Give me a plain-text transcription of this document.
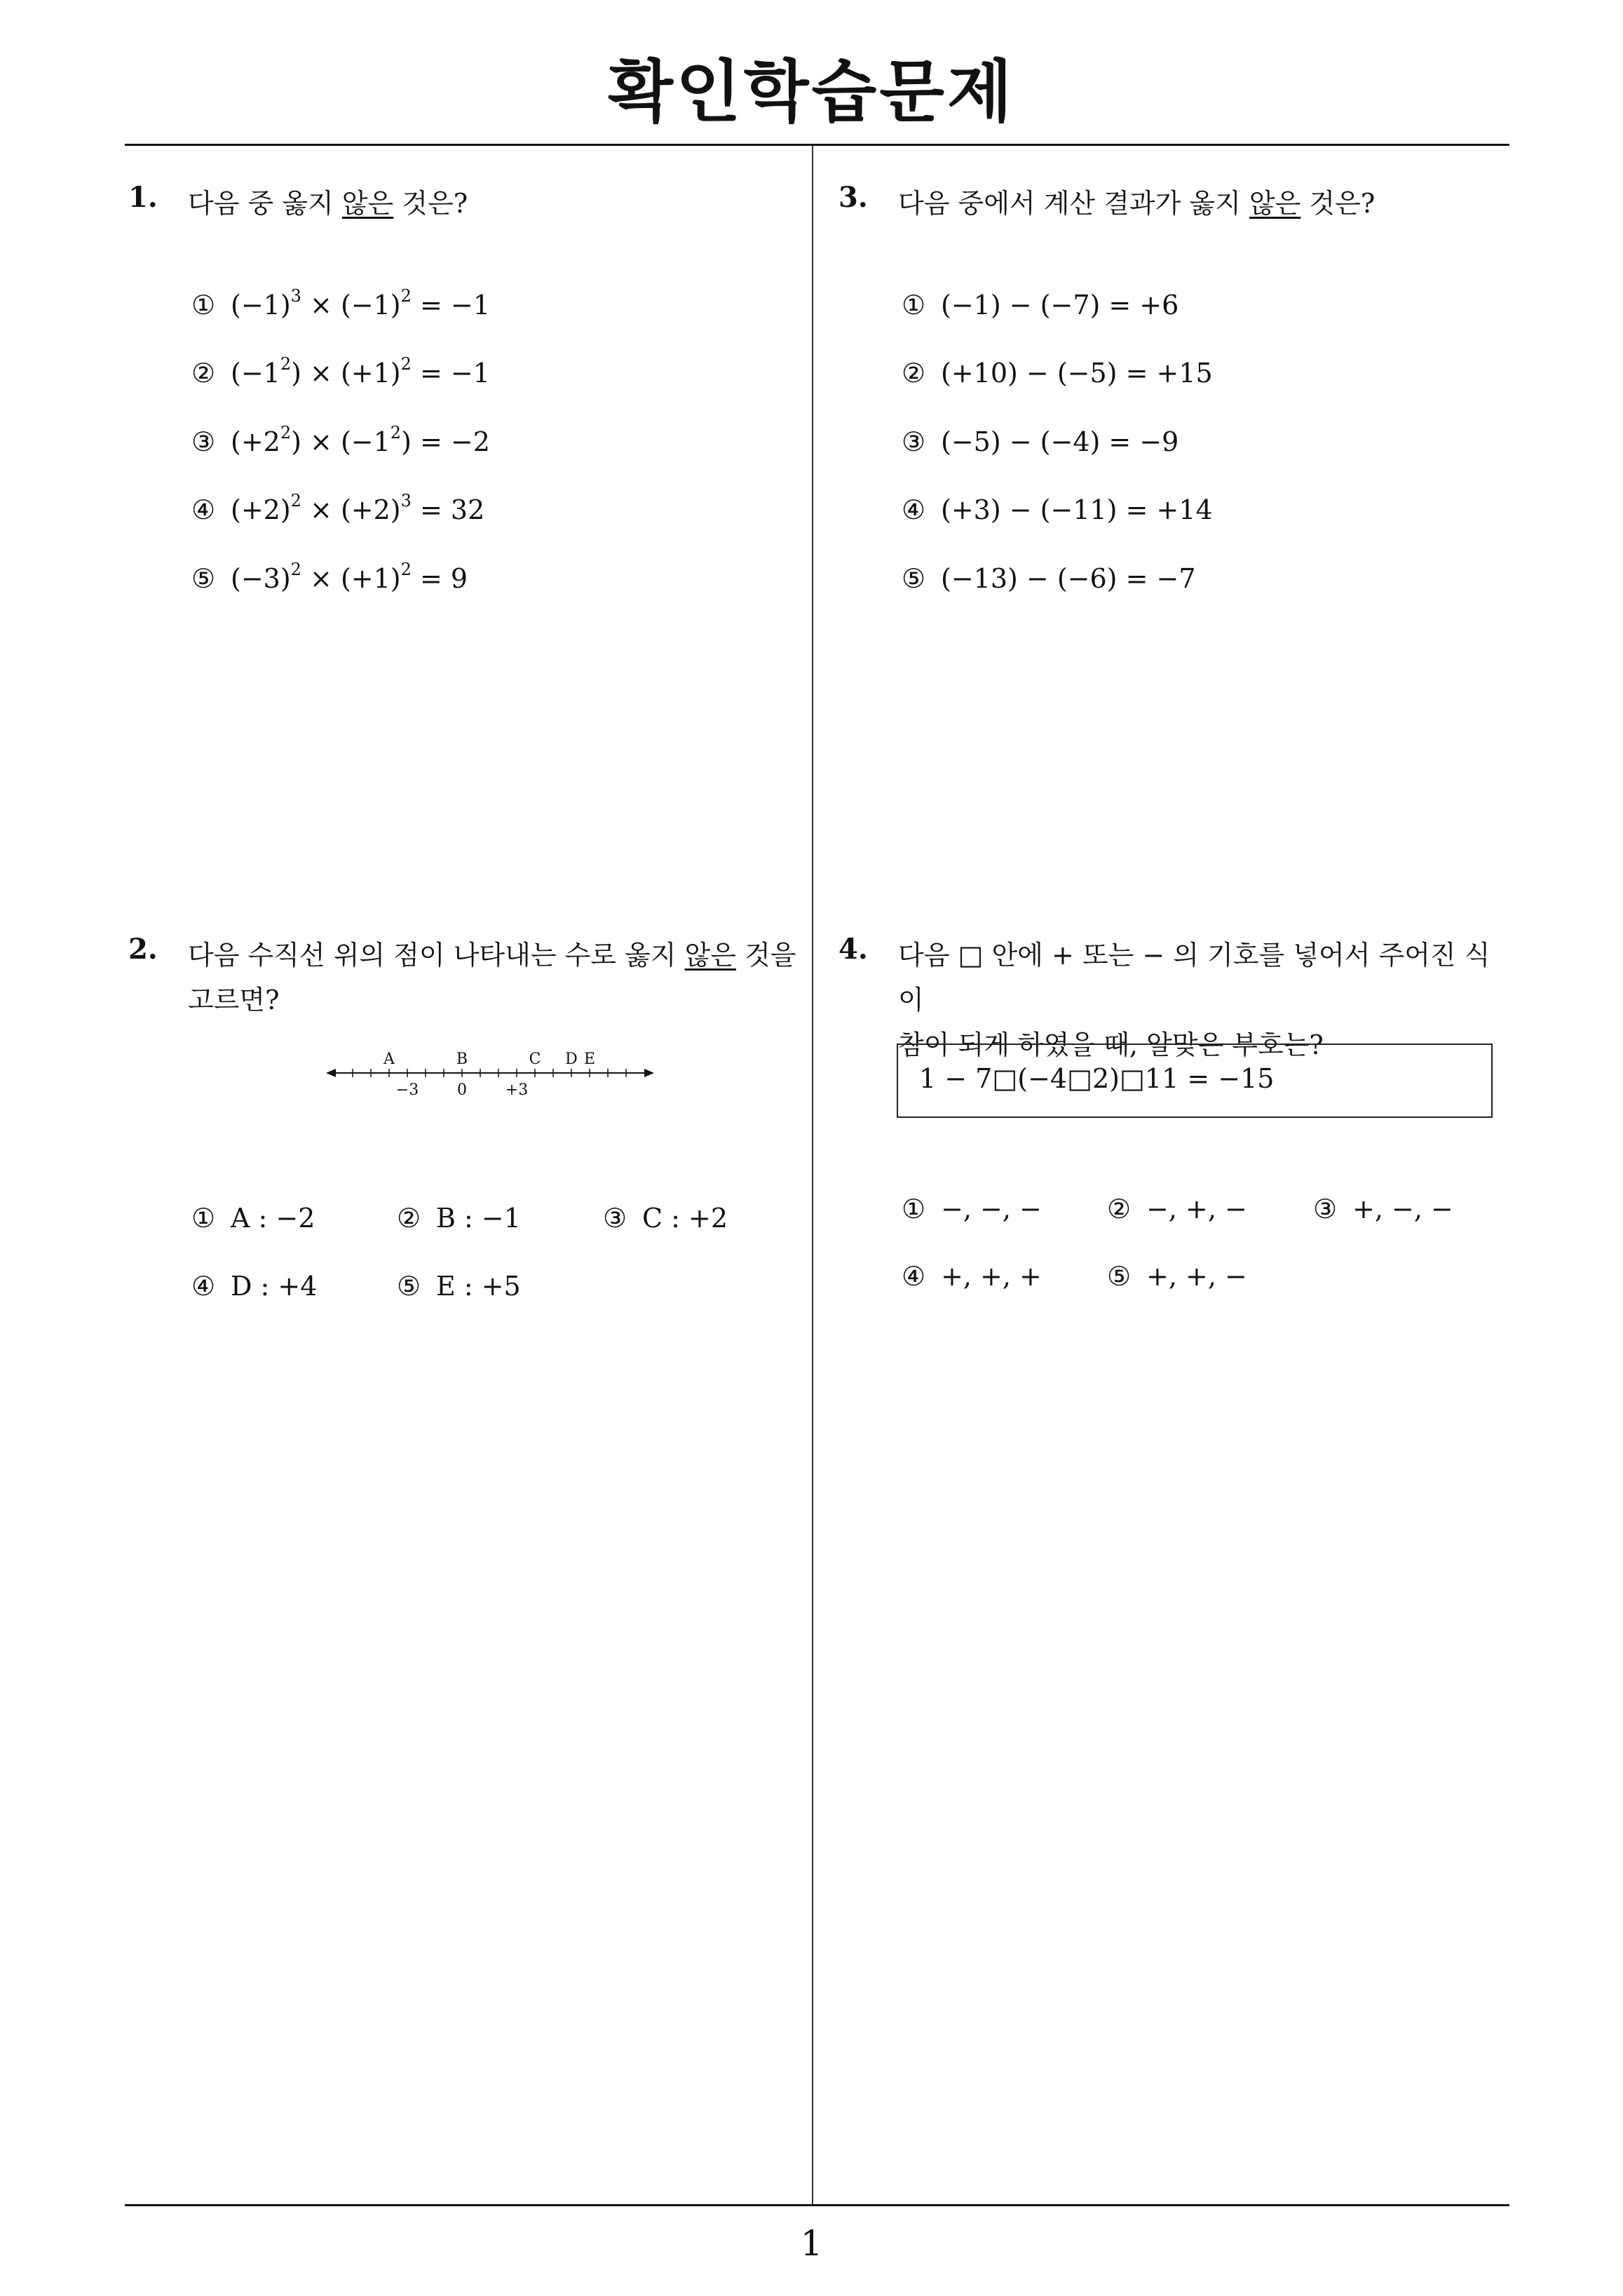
확인학습문제
1
1. 다음 중 옳지 않은 것은?
① $(-1)^3 \times (-1)^2 = -1$
② $(-1^2) \times (+1)^2 = -1$
③ $(+2^2) \times (-1^2) = -2$
④ $(+2)^2 \times (+2)^3 = 32$
⑤ $(-3)^2 \times (+1)^2 = 9$
2. 다음 수직선 위의 점이 나타내는 수로 옳지 않은 것을
고르면?
A	B	C D E
−3 0 +3
① A : −2	② B : −1	③ C : +2
④ D : +4	⑤ E : +5
3. 다음 중에서 계산 결과가 옳지 않은 것은?
① (−1) − (−7) = +6
② (+10) − (−5) = +15
③ (−5) − (−4) = −9
④ (+3) − (−11) = +14
⑤ (−13) − (−6) = −7
4. 다음 □ 안에 + 또는 − 의 기호를 넣어서 주어진 식이
참이 되게 하였을 때, 알맞은 부호는?
1 − 7□(−4□2)□11 = −15
① −, −, − ② −, +, − ③ +, −, −
④ +, +, + ⑤ +, +, −
